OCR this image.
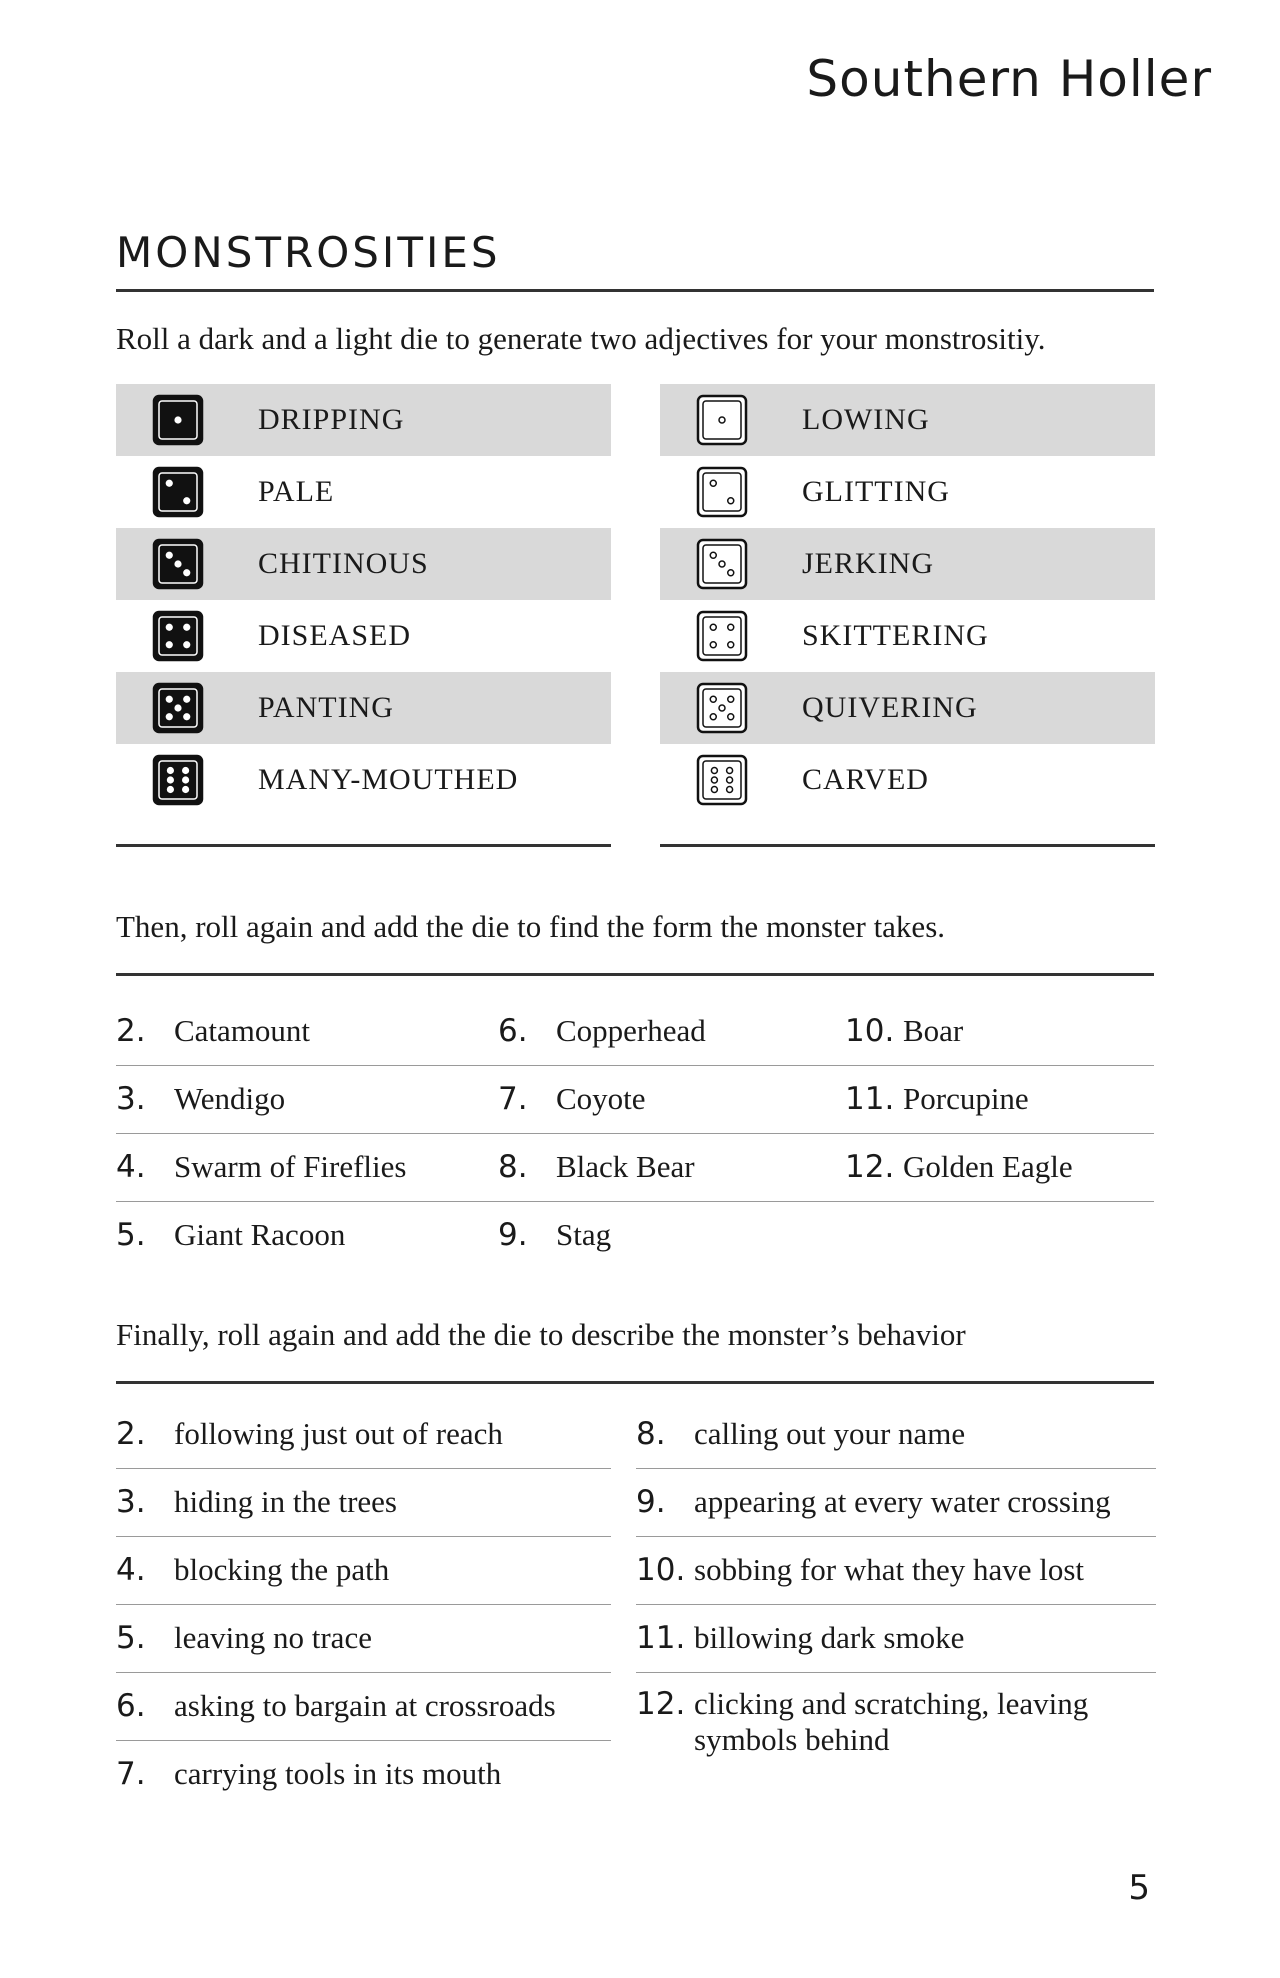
Southern Holler
MONSTROSITIES

Roll a dark and a light die to generate two adjectives for your monstrositiy.

DRIPPING
PALE
CHITINOUS
DISEASED
PANTING
MANY-MOUTHED
LOWING
GLITTING
JERKING
SKITTERING
QUIVERING
CARVED

Then, roll again and add the die to find the form the monster takes.

2. Catamount
3. Wendigo
4. Swarm of Fireflies
5. Giant Racoon
6. Copperhead
7. Coyote
8. Black Bear
9. Stag
10. Boar
11. Porcupine
12. Golden Eagle

Finally, roll again and add the die to describe the monster’s behavior

2. following just out of reach
3. hiding in the trees
4. blocking the path
5. leaving no trace
6. asking to bargain at crossroads
7. carrying tools in its mouth
8. calling out your name
9. appearing at every water crossing
10. sobbing for what they have lost
11. billowing dark smoke
12. clicking and scratching, leaving symbols behind

5
